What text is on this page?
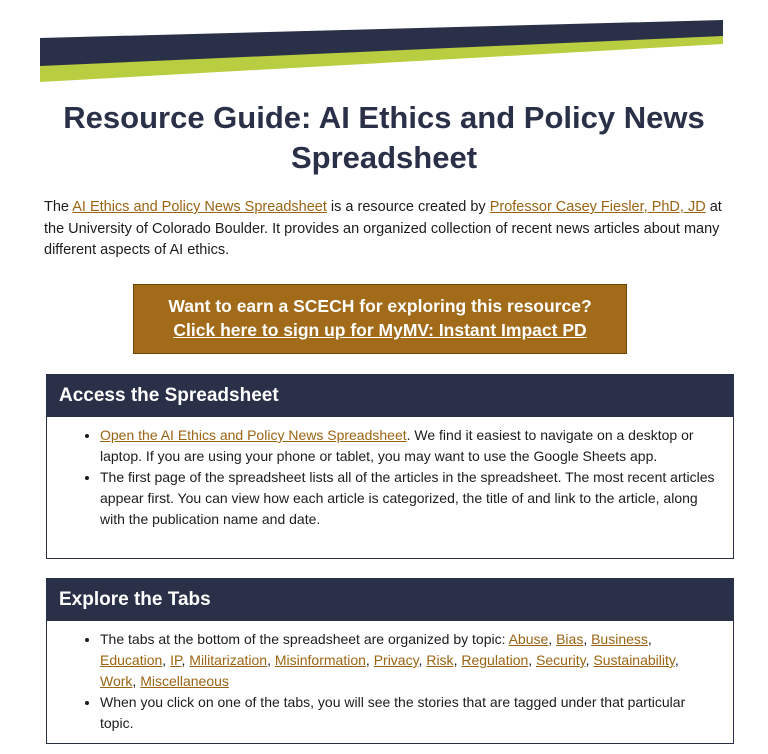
Resource Guide: AI Ethics and Policy News Spreadsheet

The AI Ethics and Policy News Spreadsheet is a resource created by Professor Casey Fiesler, PhD, JD at the University of Colorado Boulder. It provides an organized collection of recent news articles about many different aspects of AI ethics.

Want to earn a SCECH for exploring this resource?
Click here to sign up for MyMV: Instant Impact PD
Access the Spreadsheet
• Open the AI Ethics and Policy News Spreadsheet. We find it easiest to navigate on a desktop or laptop. If you are using your phone or tablet, you may want to use the Google Sheets app.
• The first page of the spreadsheet lists all of the articles in the spreadsheet. The most recent articles appear first. You can view how each article is categorized, the title of and link to the article, along with the publication name and date.
Explore the Tabs
• The tabs at the bottom of the spreadsheet are organized by topic: Abuse, Bias, Business, Education, IP, Militarization, Misinformation, Privacy, Risk, Regulation, Security, Sustainability, Work, Miscellaneous
• When you click on one of the tabs, you will see the stories that are tagged under that particular topic.
